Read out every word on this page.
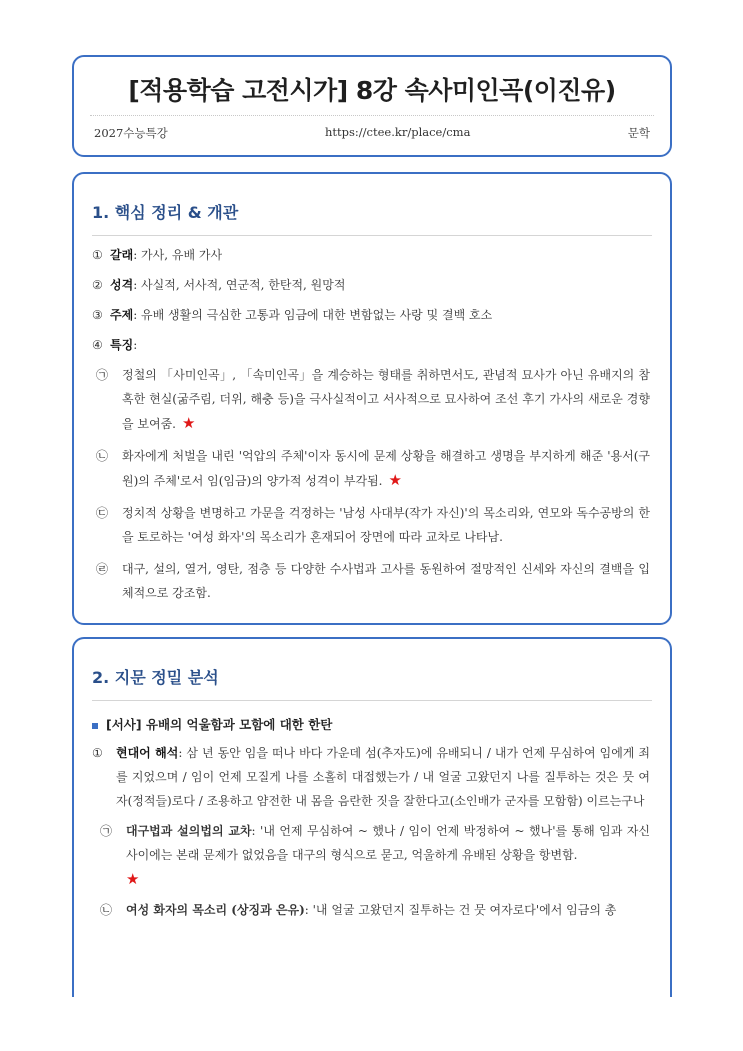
[적용학습 고전시가] 8강 속사미인곡(이진유)
2027수능특강	https://ctee.kr/place/cma	문학
1. 핵심 정리 & 개관
① 갈래: 가사, 유배 가사
② 성격: 사실적, 서사적, 연군적, 한탄적, 원망적
③ 주제: 유배 생활의 극심한 고통과 임금에 대한 변함없는 사랑 및 결백 호소
④ 특징:
㉠	정철의 「사미인곡」, 「속미인곡」을 계승하는 형태를 취하면서도, 관념적 묘사가 아닌 유배지의 참혹한 현실(굶주림, 더위, 해충 등)을 극사실적이고 서사적으로 묘사하여 조선 후기 가사의 새로운 경향을 보여줌. ★
㉡	화자에게 처벌을 내린 '억압의 주체'이자 동시에 문제 상황을 해결하고 생명을 부지하게 해준 '용서(구원)의 주체'로서 임(임금)의 양가적 성격이 부각됨. ★
㉢	정치적 상황을 변명하고 가문을 걱정하는 '남성 사대부(작가 자신)'의 목소리와, 연모와 독수공방의 한을 토로하는 '여성 화자'의 목소리가 혼재되어 장면에 따라 교차로 나타남.
㉣	대구, 설의, 열거, 영탄, 점층 등 다양한 수사법과 고사를 동원하여 절망적인 신세와 자신의 결백을 입체적으로 강조함.
2. 지문 정밀 분석
[서사] 유배의 억울함과 모함에 대한 한탄
①	현대어 해석: 삼 년 동안 임을 떠나 바다 가운데 섬(추자도)에 유배되니 / 내가 언제 무심하여 임에게 죄를 지었으며 / 임이 언제 모질게 나를 소홀히 대접했는가 / 내 얼굴 고왔던지 나를 질투하는 것은 뭇 여자(정적들)로다 / 조용하고 얌전한 내 몸을 음란한 짓을 잘한다고(소인배가 군자를 모함함) 이르는구나
㉠	대구법과 설의법의 교차: '내 언제 무심하여 ~ 했나 / 임이 언제 박정하여 ~ 했나'를 통해 임과 자신 사이에는 본래 문제가 없었음을 대구의 형식으로 묻고, 억울하게 유배된 상황을 항변함.
★
㉡	여성 화자의 목소리 (상징과 은유): '내 얼굴 고왔던지 질투하는 건 뭇 여자로다'에서 임금의 총
